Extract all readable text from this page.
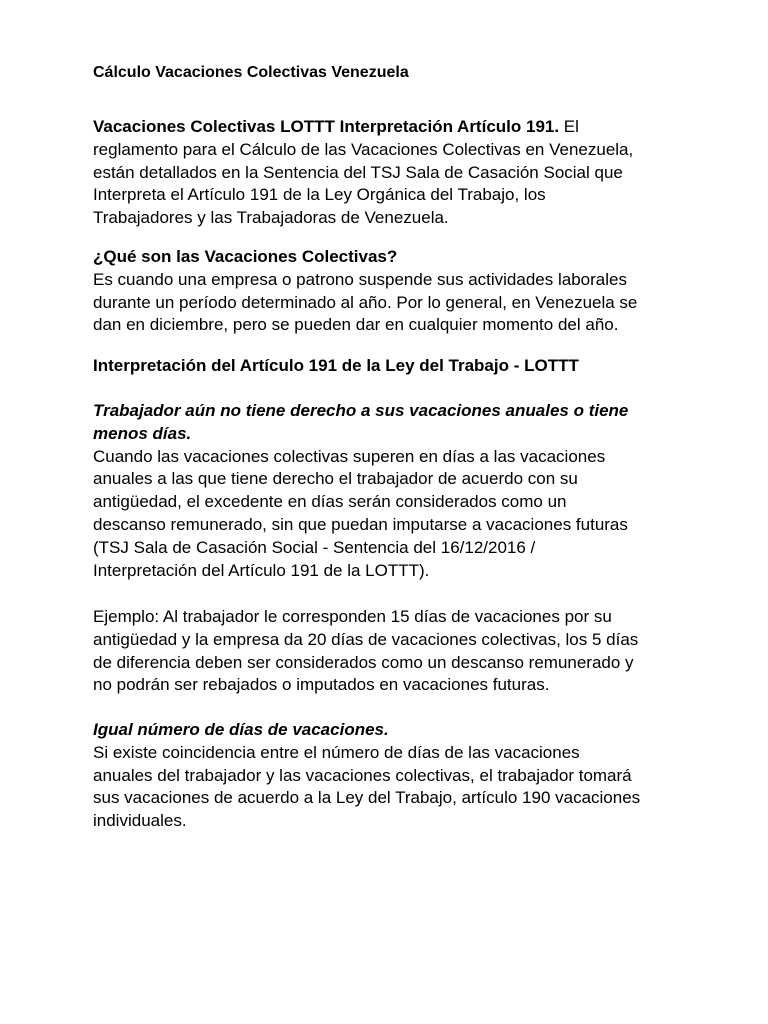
Cálculo Vacaciones Colectivas Venezuela

Vacaciones Colectivas LOTTT Interpretación Artículo 191. El
reglamento para el Cálculo de las Vacaciones Colectivas en Venezuela,
están detallados en la Sentencia del TSJ Sala de Casación Social que
Interpreta el Artículo 191 de la Ley Orgánica del Trabajo, los
Trabajadores y las Trabajadoras de Venezuela.

¿Qué son las Vacaciones Colectivas?
Es cuando una empresa o patrono suspende sus actividades laborales
durante un período determinado al año. Por lo general, en Venezuela se
dan en diciembre, pero se pueden dar en cualquier momento del año.
Interpretación del Artículo 191 de la Ley del Trabajo - LOTTT
Trabajador aún no tiene derecho a sus vacaciones anuales o tiene
menos días.
Cuando las vacaciones colectivas superen en días a las vacaciones
anuales a las que tiene derecho el trabajador de acuerdo con su
antigüedad, el excedente en días serán considerados como un
descanso remunerado, sin que puedan imputarse a vacaciones futuras
(TSJ Sala de Casación Social - Sentencia del 16/12/2016 /
Interpretación del Artículo 191 de la LOTTT).

Ejemplo: Al trabajador le corresponden 15 días de vacaciones por su
antigüedad y la empresa da 20 días de vacaciones colectivas, los 5 días
de diferencia deben ser considerados como un descanso remunerado y
no podrán ser rebajados o imputados en vacaciones futuras.

Igual número de días de vacaciones.
Si existe coincidencia entre el número de días de las vacaciones
anuales del trabajador y las vacaciones colectivas, el trabajador tomará
sus vacaciones de acuerdo a la Ley del Trabajo, artículo 190 vacaciones
individuales.
